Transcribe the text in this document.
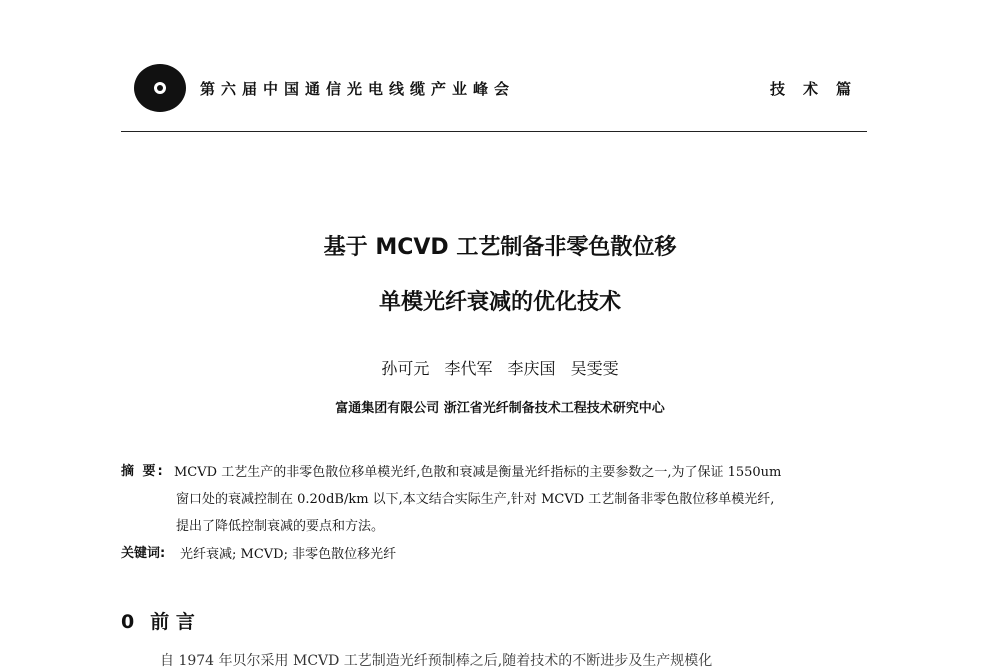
第六届中国通信光电线缆产业峰会	技术篇
基于 MCVD 工艺制备非零色散位移
单模光纤衰减的优化技术
孙可元 李代军 李庆国 吴雯雯
富通集团有限公司 浙江省光纤制备技术工程技术研究中心
摘 要: MCVD 工艺生产的非零色散位移单模光纤,色散和衰减是衡量光纤指标的主要参数之一,为了保证 1550um
窗口处的衰减控制在 0.20dB/km 以下,本文结合实际生产,针对 MCVD 工艺制备非零色散位移单模光纤,
提出了降低控制衰减的要点和方法。
关键词: 光纤衰减; MCVD; 非零色散位移光纤
0 前 言
自 1974 年贝尔采用 MCVD 工艺制造光纤预制棒之后,随着技术的不断进步及生产规模化
